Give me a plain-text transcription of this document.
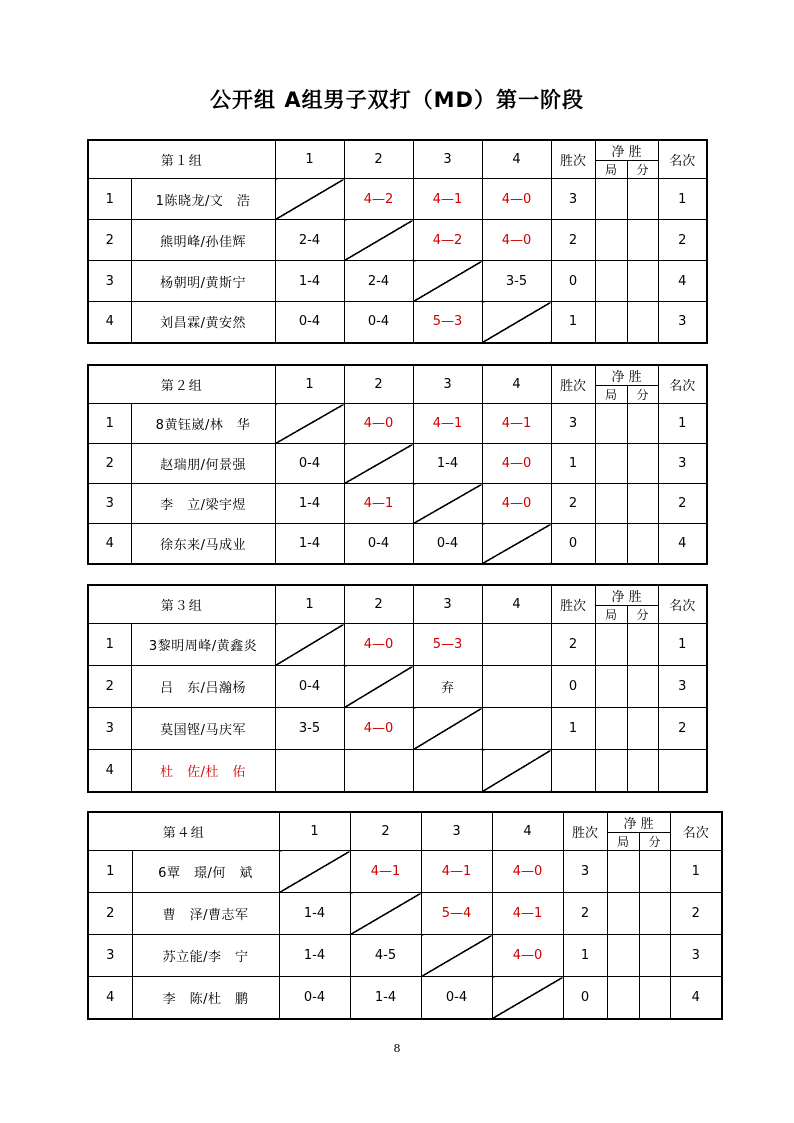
公开组 A组男子双打（MD）第一阶段
第１组		1	2	3	4	胜次	净 胜		名次
							局	分	
1	1陈晓龙/文　浩		4—2	4—1	4—0	3			1
2	熊明峰/孙佳辉	2-4		4—2	4—0	2			2
3	杨朝明/黄斯宁	1-4	2-4		3-5	0			4
4	刘昌霖/黄安然	0-4	0-4	5—3		1			3
第２组		1	2	3	4	胜次	净 胜		名次
							局	分	
1	8黄钰崴/林　华		4—0	4—1	4—1	3			1
2	赵瑞朋/何景强	0-4		1-4	4—0	1			3
3	李　立/梁宇煜	1-4	4—1		4—0	2			2
4	徐东来/马成业	1-4	0-4	0-4		0			4
第３组		1	2	3	4	胜次	净 胜		名次
							局	分	
1	3黎明周峰/黄鑫炎		4—0	5—3		2			1
2	吕　东/吕瀚杨	0-4		弃		0			3
3	莫国铿/马庆军	3-5	4—0			1			2
4	杜　佐/杜　佑								
第４组		1	2	3	4	胜次	净 胜		名次
							局	分	
1	6覃　璟/何　斌		4—1	4—1	4—0	3			1
2	曹　泽/曹志军	1-4		5—4	4—1	2			2
3	苏立能/李　宁	1-4	4-5		4—0	1			3
4	李　陈/杜　鹏	0-4	1-4	0-4		0			4
8
